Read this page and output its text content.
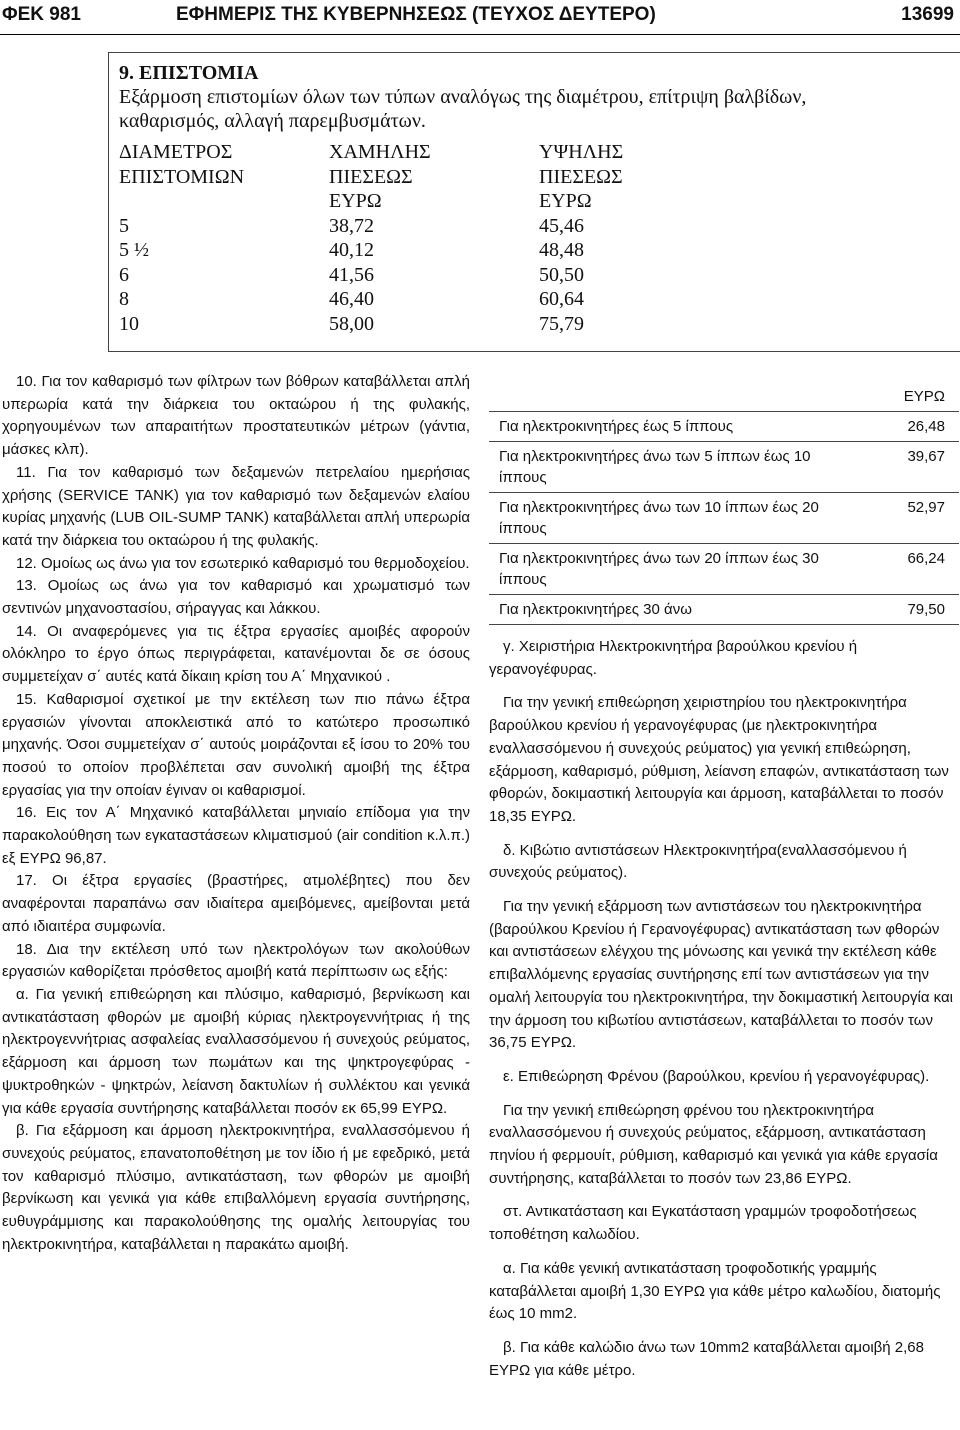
ΦΕΚ 981	ΕΦΗΜΕΡΙΣ ΤΗΣ ΚΥΒΕΡΝΗΣΕΩΣ (ΤΕΥΧΟΣ ΔΕΥΤΕΡΟ)	13699
9. ΕΠΙΣΤΟΜΙΑ
Εξάρμοση επιστομίων όλων των τύπων αναλόγως της διαμέτρου, επίτριψη βαλβίδων,
καθαρισμός, αλλαγή παρεμβυσμάτων.
ΔΙΑΜΕΤΡΟΣ	ΧΑΜΗΛΗΣ	ΥΨΗΛΗΣ
ΕΠΙΣΤΟΜΙΩΝ	ΠΙΕΣΕΩΣ	ΠΙΕΣΕΩΣ
	ΕΥΡΩ	ΕΥΡΩ
5	38,72	45,46
5 ½	40,12	48,48
6	41,56	50,50
8	46,40	60,64
10	58,00	75,79

10. Για τον καθαρισμό των φίλτρων των βόθρων καταβάλλεται απλή υπερωρία κατά την διάρκεια του οκταώρου ή της φυλακής, χορηγουμένων των απαραιτήτων προστατευτικών μέτρων (γάντια, μάσκες κλπ).

11. Για τον καθαρισμό των δεξαμενών πετρελαίου ημερήσιας χρήσης (SERVICE TANK) για τον καθαρισμό των δεξαμενών ελαίου κυρίας μηχανής (LUB OIL-SUMP TANK) καταβάλλεται απλή υπερωρία κατά την διάρκεια του οκταώρου ή της φυλακής.

12. Ομοίως ως άνω για τον εσωτερικό καθαρισμό του θερμοδοχείου.

13. Ομοίως ως άνω για τον καθαρισμό και χρωματισμό των σεντινών μηχανοστασίου, σήραγγας και λάκκου.

14. Οι αναφερόμενες για τις έξτρα εργασίες αμοιβές αφορούν ολόκληρο το έργο όπως περιγράφεται, κατανέμονται δε σε όσους συμμετείχαν σ΄ αυτές κατά δίκαιη κρίση του Α΄ Μηχανικού .

15. Καθαρισμοί σχετικοί με την εκτέλεση των πιο πάνω έξτρα εργασιών γίνονται αποκλειστικά από το κατώτερο προσωπικό μηχανής. Όσοι συμμετείχαν σ΄ αυτούς μοιράζονται εξ ίσου το 20% του ποσού το οποίον προβλέπεται σαν συνολική αμοιβή της έξτρα εργασίας για την οποίαν έγιναν οι καθαρισμοί.

16. Εις τον Α΄ Μηχανικό καταβάλλεται μηνιαίο επίδομα για την παρακολούθηση των εγκαταστάσεων κλιματισμού (air condition κ.λ.π.) εξ ΕΥΡΩ 96,87.

17. Οι έξτρα εργασίες (βραστήρες, ατμολέβητες) που δεν αναφέρονται παραπάνω σαν ιδιαίτερα αμειβόμενες, αμείβονται μετά από ιδιαιτέρα συμφωνία.

18. Δια την εκτέλεση υπό των ηλεκτρολόγων των ακολούθων εργασιών καθορίζεται πρόσθετος αμοιβή κατά περίπτωσιν ως εξής:

α. Για γενική επιθεώρηση και πλύσιμο, καθαρισμό, βερνίκωση και αντικατάσταση φθορών με αμοιβή κύριας ηλεκτρογεννήτριας ή της ηλεκτρογεννήτριας ασφαλείας εναλλασσόμενου ή συνεχούς ρεύματος, εξάρμοση και άρμοση των πωμάτων και της ψηκτρογεφύρας - ψυκτροθηκών - ψηκτρών, λείανση δακτυλίων ή συλλέκτου και γενικά για κάθε εργασία συντήρησης καταβάλλεται ποσόν εκ 65,99 ΕΥΡΩ.

β. Για εξάρμοση και άρμοση ηλεκτροκινητήρα, εναλλασσόμενου ή συνεχούς ρεύματος, επανατοποθέτηση με τον ίδιο ή με εφεδρικό, μετά τον καθαρισμό πλύσιμο, αντικατάσταση, των φθορών με αμοιβή βερνίκωση και γενικά για κάθε επιβαλλόμενη εργασία συντήρησης, ευθυγράμμισης και παρακολούθησης της ομαλής λειτουργίας του ηλεκτροκινητήρα, καταβάλλεται η παρακάτω αμοιβή.

	ΕΥΡΩ
Για ηλεκτροκινητήρες έως 5 ίππους	26,48
Για ηλεκτροκινητήρες άνω των 5 ίππων έως 10 ίππους	39,67
Για ηλεκτροκινητήρες άνω των 10 ίππων έως 20 ίππους	52,97
Για ηλεκτροκινητήρες άνω των 20 ίππων έως 30 ίππους	66,24
Για ηλεκτροκινητήρες 30 άνω	79,50

γ. Χειριστήρια Ηλεκτροκινητήρα βαρούλκου κρενίου ή γερανογέφυρας.

Για την γενική επιθεώρηση χειριστηρίου του ηλεκτροκινητήρα βαρούλκου κρενίου ή γερανογέφυρας (με ηλεκτροκινητήρα εναλλασσόμενου ή συνεχούς ρεύματος) για γενική επιθεώρηση, εξάρμοση, καθαρισμό, ρύθμιση, λείανση επαφών, αντικατάσταση των φθορών, δοκιμαστική λειτουργία και άρμοση, καταβάλλεται το ποσόν 18,35 ΕΥΡΩ.

δ. Κιβώτιο αντιστάσεων Ηλεκτροκινητήρα(εναλλασσόμενου ή συνεχούς ρεύματος).

Για την γενική εξάρμοση των αντιστάσεων του ηλεκτροκινητήρα (βαρούλκου Κρενίου ή Γερανογέφυρας) αντικατάσταση των φθορών και αντιστάσεων ελέγχου της μόνωσης και γενικά την εκτέλεση κάθε επιβαλλόμενης εργασίας συντήρησης επί των αντιστάσεων για την ομαλή λειτουργία του ηλεκτροκινητήρα, την δοκιμαστική λειτουργία και την άρμοση του κιβωτίου αντιστάσεων, καταβάλλεται το ποσόν των 36,75 ΕΥΡΩ.

ε. Επιθεώρηση Φρένου (βαρούλκου, κρενίου ή γερανογέφυρας).

Για την γενική επιθεώρηση φρένου του ηλεκτροκινητήρα εναλλασσόμενου ή συνεχούς ρεύματος, εξάρμοση, αντικατάσταση πηνίου ή φερμουίτ, ρύθμιση, καθαρισμό και γενικά για κάθε εργασία συντήρησης, καταβάλλεται το ποσόν των 23,86 ΕΥΡΩ.

στ. Αντικατάσταση και Εγκατάσταση γραμμών τροφοδοτήσεως τοποθέτηση καλωδίου.

α. Για κάθε γενική αντικατάσταση τροφοδοτικής γραμμής καταβάλλεται αμοιβή 1,30 ΕΥΡΩ για κάθε μέτρο καλωδίου, διατομής έως 10 mm2.

β. Για κάθε καλώδιο άνω των 10mm2 καταβάλλεται αμοιβή 2,68 ΕΥΡΩ για κάθε μέτρο.
